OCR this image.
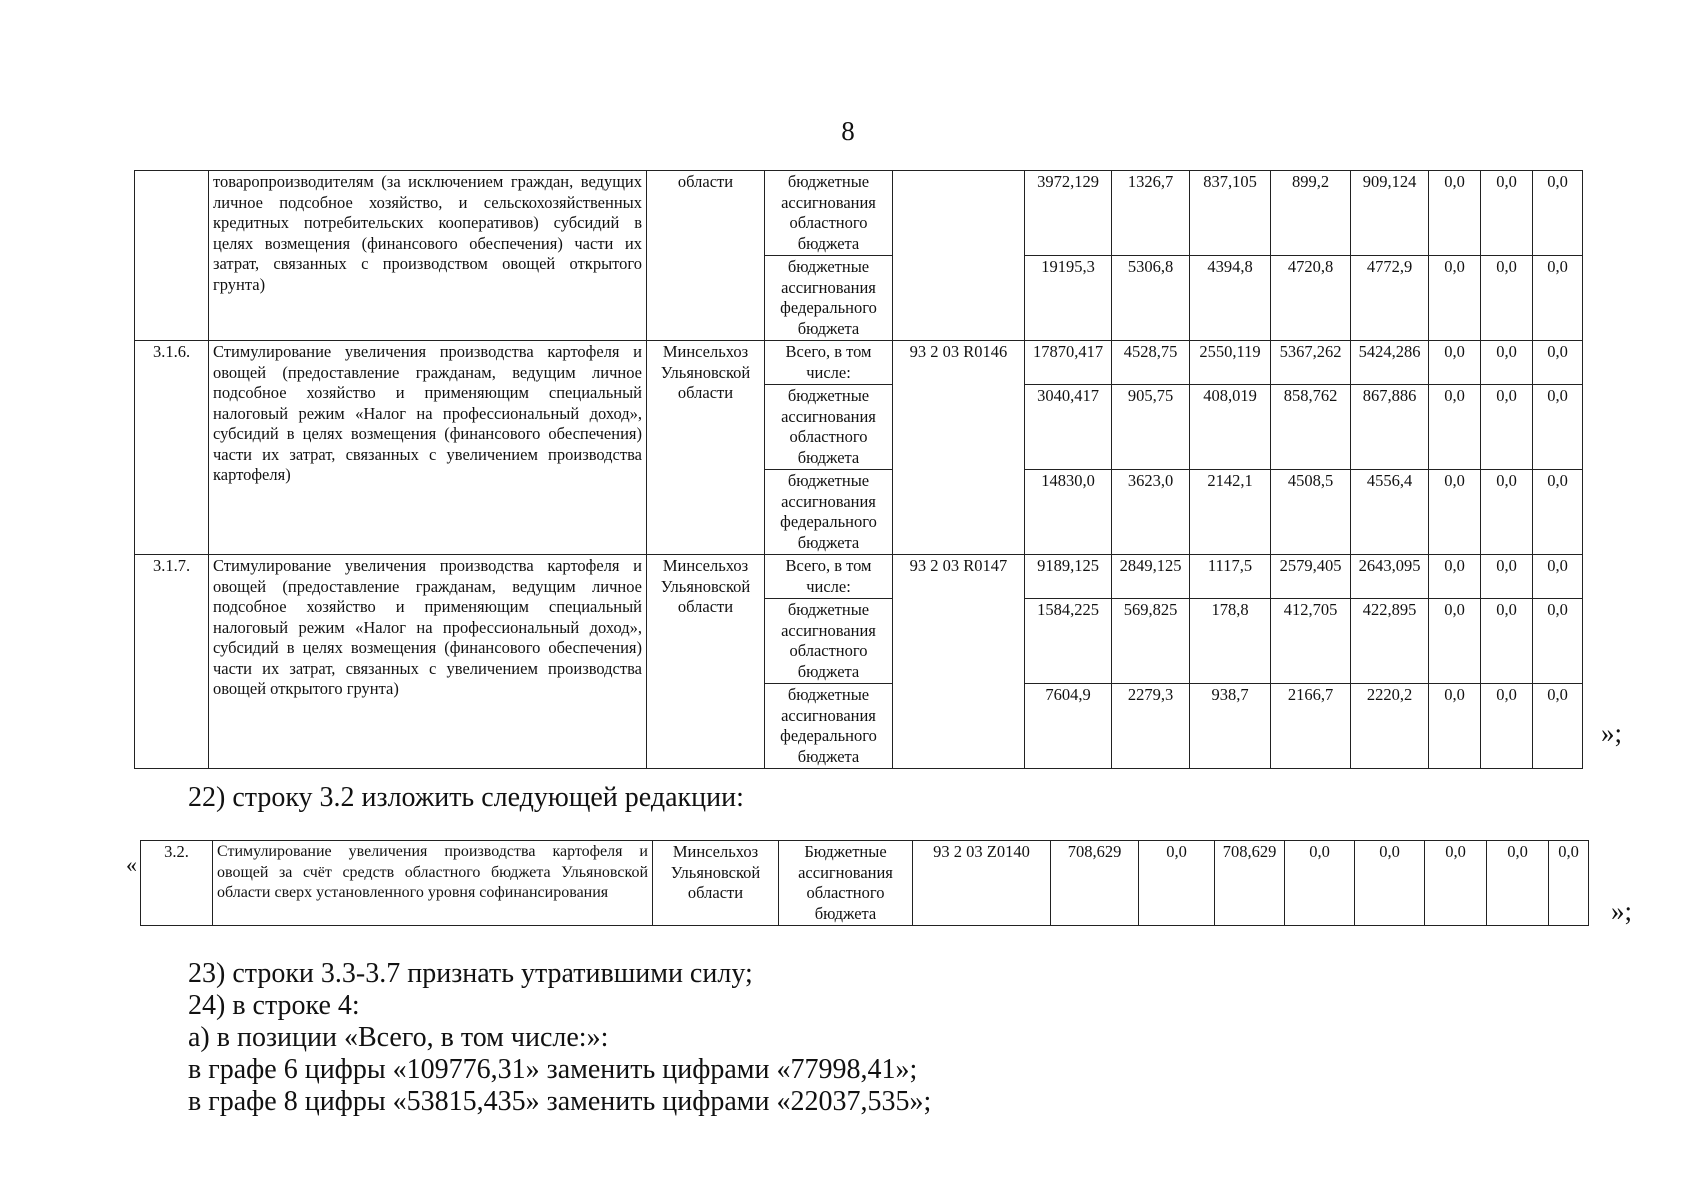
8
	товаропроизводителям (за исключением граждан, ведущих личное подсобное хозяйство, и сельскохозяйственных кредитных потребительских кооперативов) субсидий в целях возмещения (финансового обеспечения) части их затрат, связанных с производством овощей открытого грунта)	области	бюджетные ассигнования областного бюджета		3972,129	1326,7	837,105	899,2	909,124	0,0	0,0	0,0
			бюджетные ассигнования федерального бюджета		19195,3	5306,8	4394,8	4720,8	4772,9	0,0	0,0	0,0
3.1.6.	Стимулирование увеличения производства картофеля и овощей (предоставление гражданам, ведущим личное подсобное хозяйство и применяющим специальный налоговый режим «Налог на профессиональный доход», субсидий в целях возмещения (финансового обеспечения) части их затрат, связанных с увеличением производства картофеля)	Минсельхоз Ульяновской области	Всего, в том числе:	93 2 03 R0146	17870,417	4528,75	2550,119	5367,262	5424,286	0,0	0,0	0,0
			бюджетные ассигнования областного бюджета		3040,417	905,75	408,019	858,762	867,886	0,0	0,0	0,0
			бюджетные ассигнования федерального бюджета		14830,0	3623,0	2142,1	4508,5	4556,4	0,0	0,0	0,0
3.1.7.	Стимулирование увеличения производства картофеля и овощей (предоставление гражданам, ведущим личное подсобное хозяйство и применяющим специальный налоговый режим «Налог на профессиональный доход», субсидий в целях возмещения (финансового обеспечения) части их затрат, связанных с увеличением производства овощей открытого грунта)	Минсельхоз Ульяновской области	Всего, в том числе:	93 2 03 R0147	9189,125	2849,125	1117,5	2579,405	2643,095	0,0	0,0	0,0
			бюджетные ассигнования областного бюджета		1584,225	569,825	178,8	412,705	422,895	0,0	0,0	0,0
			бюджетные ассигнования федерального бюджета		7604,9	2279,3	938,7	2166,7	2220,2	0,0	0,0	0,0
»;
22) строку 3.2 изложить следующей редакции:
«
3.2.	Стимулирование увеличения производства картофеля и овощей за счёт средств областного бюджета Ульяновской области сверх установленного уровня софинансирования	Минсельхоз Ульяновской области	Бюджетные ассигнования областного бюджета	93 2 03 Z0140	708,629	0,0	708,629	0,0	0,0	0,0	0,0	0,0
»;
23) строки 3.3-3.7 признать утратившими силу;
24) в строке 4:
а) в позиции «Всего, в том числе:»:
в графе 6 цифры «109776,31» заменить цифрами «77998,41»;
в графе 8 цифры «53815,435» заменить цифрами «22037,535»;
